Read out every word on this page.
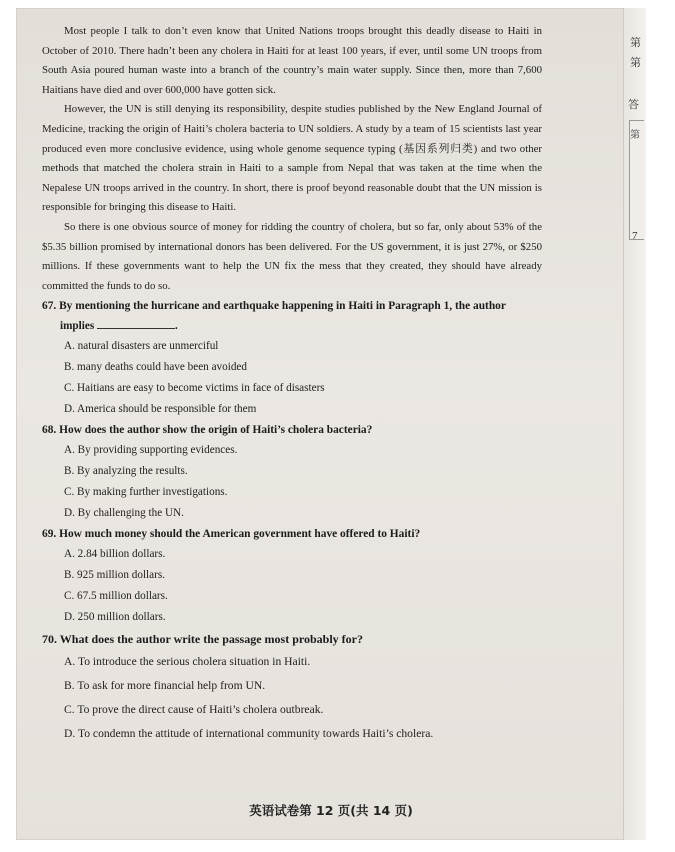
第
第
答
第
7

Most people I talk to don’t even know that United Nations troops brought this deadly disease to Haiti in October of 2010. There hadn’t been any cholera in Haiti for at least 100 years, if ever, until some UN troops from South Asia poured human waste into a branch of the country’s main water supply. Since then, more than 7,600 Haitians have died and over 600,000 have gotten sick.

However, the UN is still denying its responsibility, despite studies published by the New England Journal of Medicine, tracking the origin of Haiti’s cholera bacteria to UN soldiers. A study by a team of 15 scientists last year produced even more conclusive evidence, using whole genome sequence typing (基因系列归类) and two other methods that matched the cholera strain in Haiti to a sample from Nepal that was taken at the time when the Nepalese UN troops arrived in the country. In short, there is proof beyond reasonable doubt that the UN mission is responsible for bringing this disease to Haiti.

So there is one obvious source of money for ridding the country of cholera, but so far, only about 53% of the $5.35 billion promised by international donors has been delivered. For the US government, it is just 27%, or $250 millions. If these governments want to help the UN fix the mess that they created, they should have already committed the funds to do so.

67. By mentioning the hurricane and earthquake happening in Haiti in Paragraph 1, the author

implies	.

A. natural disasters are unmerciful

B. many deaths could have been avoided

C. Haitians are easy to become victims in face of disasters

D. America should be responsible for them

68. How does the author show the origin of Haiti’s cholera bacteria?

A. By providing supporting evidences.

B. By analyzing the results.

C. By making further investigations.

D. By challenging the UN.

69. How much money should the American government have offered to Haiti?

A. 2.84 billion dollars.

B. 925 million dollars.

C. 67.5 million dollars.

D. 250 million dollars.

70. What does the author write the passage most probably for?

A. To introduce the serious cholera situation in Haiti.

B. To ask for more financial help from UN.

C. To prove the direct cause of Haiti’s cholera outbreak.

D. To condemn the attitude of international community towards Haiti’s cholera.

英语试卷第 12 页(共 14 页)
